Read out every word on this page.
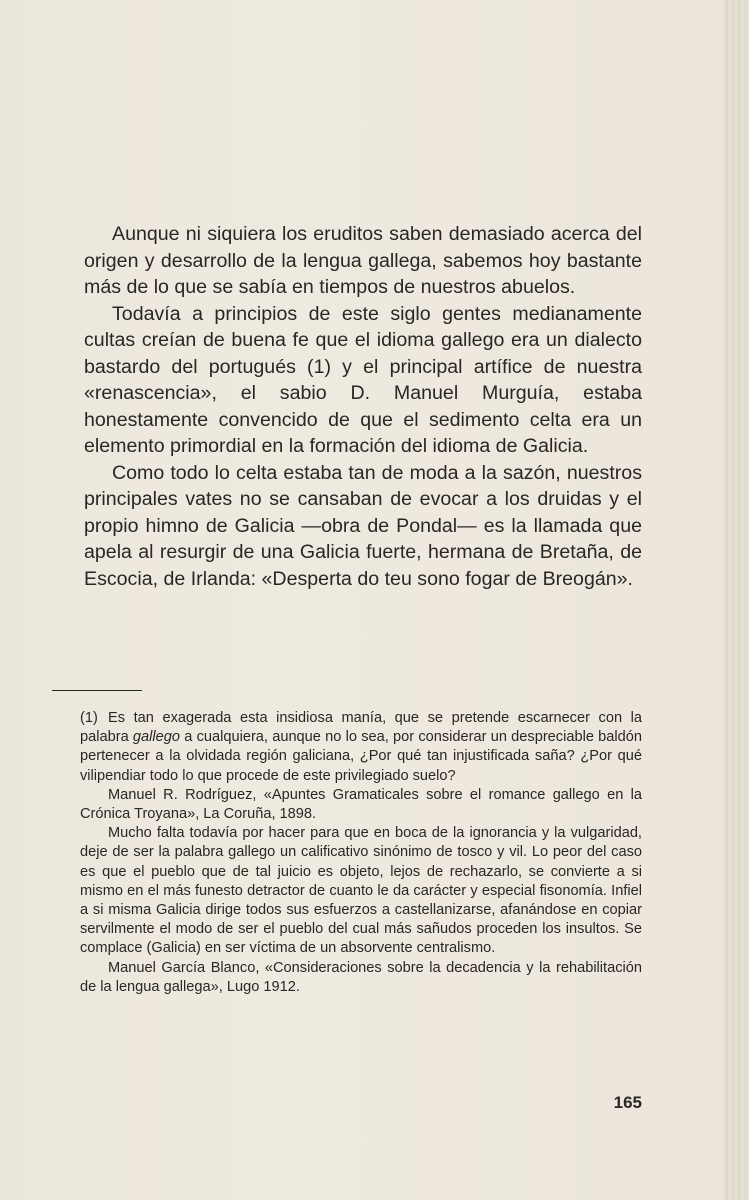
Aunque ni siquiera los eruditos saben demasiado acerca del origen y desarrollo de la lengua gallega, sabemos hoy bastante más de lo que se sabía en tiempos de nuestros abuelos.

Todavía a principios de este siglo gentes medianamente cultas creían de buena fe que el idioma gallego era un dialecto bastardo del portugués (1) y el principal artífice de nuestra «renascencia», el sabio D. Manuel Murguía, estaba honestamente convencido de que el sedimento celta era un elemento primordial en la formación del idioma de Galicia.

Como todo lo celta estaba tan de moda a la sazón, nuestros principales vates no se cansaban de evocar a los druidas y el propio himno de Galicia —obra de Pondal— es la llamada que apela al resurgir de una Galicia fuerte, hermana de Bretaña, de Escocia, de Irlanda: «Desperta do teu sono fogar de Breogán».

(1) Es tan exagerada esta insidiosa manía, que se pretende escarnecer con la palabra gallego a cualquiera, aunque no lo sea, por considerar un despreciable baldón pertenecer a la olvidada región galiciana, ¿Por qué tan injustificada saña? ¿Por qué vilipendiar todo lo que procede de este privilegiado suelo?

Manuel R. Rodríguez, «Apuntes Gramaticales sobre el romance gallego en la Crónica Troyana», La Coruña, 1898.

Mucho falta todavía por hacer para que en boca de la ignorancia y la vulgaridad, deje de ser la palabra gallego un calificativo sinónimo de tosco y vil. Lo peor del caso es que el pueblo que de tal juicio es objeto, lejos de rechazarlo, se convierte a si mismo en el más funesto detractor de cuanto le da carácter y especial fisonomía. Infiel a si misma Galicia dirige todos sus esfuerzos a castellanizarse, afanándose en copiar servilmente el modo de ser el pueblo del cual más sañudos proceden los insultos. Se complace (Galicia) en ser víctima de un absorvente centralismo.

Manuel García Blanco, «Consideraciones sobre la decadencia y la rehabilitación de la lengua gallega», Lugo 1912.

165
